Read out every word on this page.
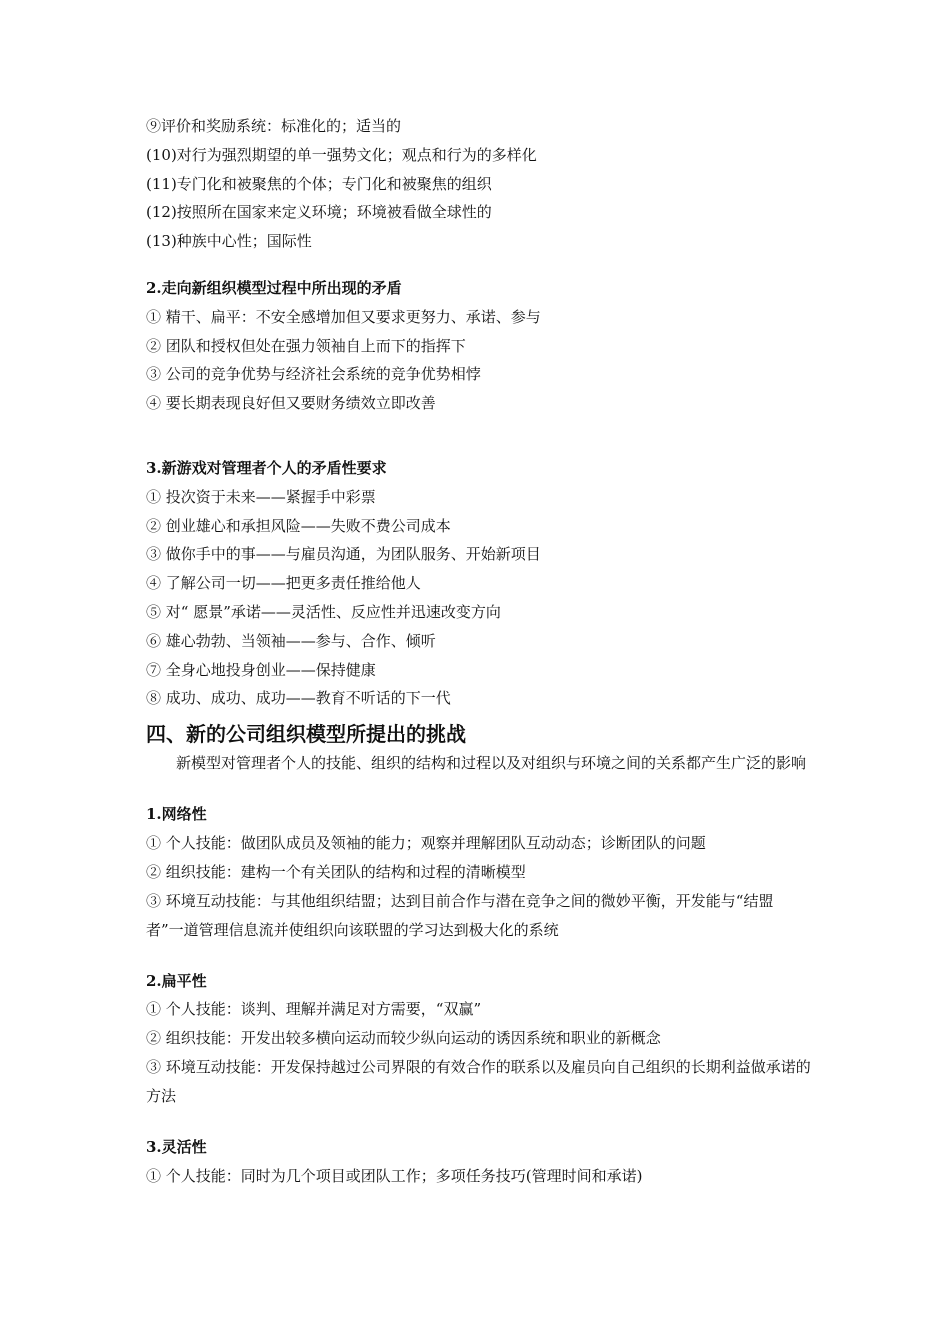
⑨评价和奖励系统：标准化的；适当的
(10)对行为强烈期望的单一强势文化；观点和行为的多样化
(11)专门化和被聚焦的个体；专门化和被聚焦的组织
(12)按照所在国家来定义环境；环境被看做全球性的
(13)种族中心性；国际性
2.走向新组织模型过程中所出现的矛盾
① 精干、扁平：不安全感增加但又要求更努力、承诺、参与
② 团队和授权但处在强力领袖自上而下的指挥下
③ 公司的竞争优势与经济社会系统的竞争优势相悖
④ 要长期表现良好但又要财务绩效立即改善
3.新游戏对管理者个人的矛盾性要求
① 投次资于未来——紧握手中彩票
② 创业雄心和承担风险——失败不费公司成本
③ 做你手中的事——与雇员沟通，为团队服务、开始新项目
④ 了解公司一切——把更多责任推给他人
⑤ 对“ 愿景”承诺——灵活性、反应性并迅速改变方向
⑥ 雄心勃勃、当领袖——参与、合作、倾听
⑦ 全身心地投身创业——保持健康
⑧ 成功、成功、成功——教育不听话的下一代
四、新的公司组织模型所提出的挑战
新模型对管理者个人的技能、组织的结构和过程以及对组织与环境之间的关系都产生广泛的影响
1.网络性
① 个人技能：做团队成员及领袖的能力；观察并理解团队互动动态；诊断团队的问题
② 组织技能：建构一个有关团队的结构和过程的清晰模型
③ 环境互动技能：与其他组织结盟；达到目前合作与潜在竞争之间的微妙平衡，开发能与“结盟者”一道管理信息流并使组织向该联盟的学习达到极大化的系统
2.扁平性
① 个人技能：谈判、理解并满足对方需要，“双赢”
② 组织技能：开发出较多横向运动而较少纵向运动的诱因系统和职业的新概念
③ 环境互动技能：开发保持越过公司界限的有效合作的联系以及雇员向自己组织的长期利益做承诺的方法
3.灵活性
① 个人技能：同时为几个项目或团队工作；多项任务技巧(管理时间和承诺)
